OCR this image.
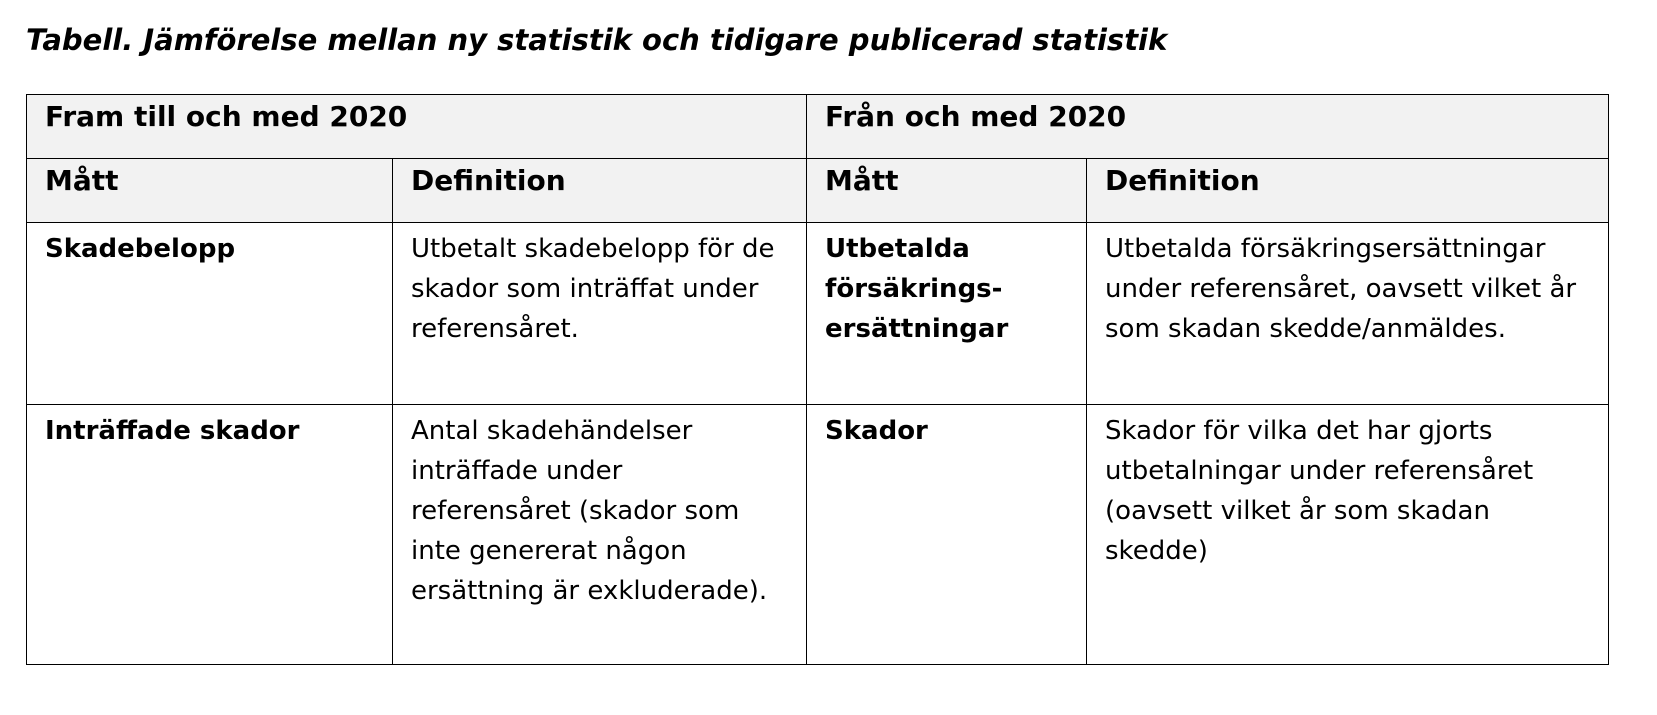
Tabell. Jämförelse mellan ny statistik och tidigare publicerad statistik
Fram till och med 2020		Från och med 2020	
Mått	Definition	Mått	Definition
Skadebelopp	Utbetalt skadebelopp för de skador som inträffat under referensåret.	Utbetalda försäkrings-ersättningar	Utbetalda försäkringsersättningar under referensåret, oavsett vilket år som skadan skedde/anmäldes.
Inträffade skador	Antal skadehändelser inträffade under referensåret (skador som inte genererat någon ersättning är exkluderade).	Skador	Skador för vilka det har gjorts utbetalningar under referensåret (oavsett vilket år som skadan skedde)
